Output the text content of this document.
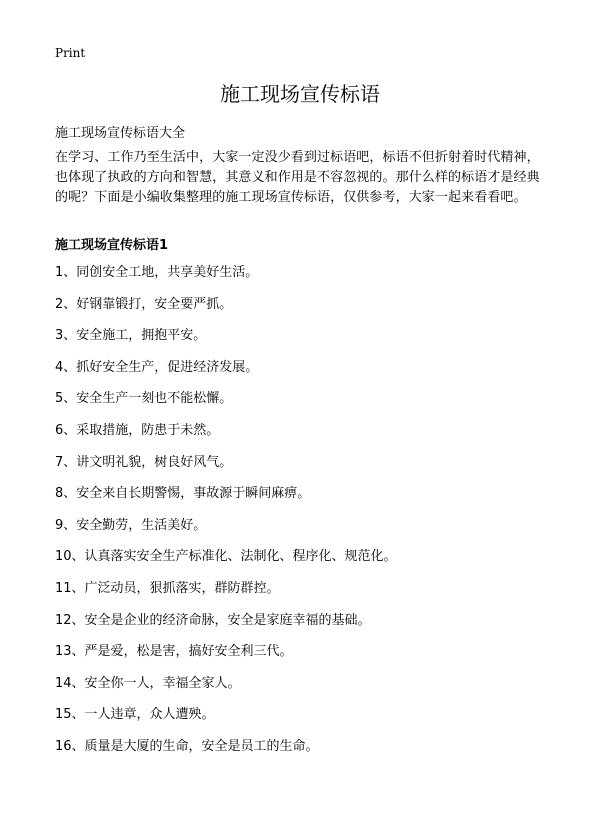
Print
施工现场宣传标语

施工现场宣传标语大全

在学习、工作乃至生活中，大家一定没少看到过标语吧，标语不但折射着时代精神，也体现了执政的方向和智慧，其意义和作用是不容忽视的。那什么样的标语才是经典的呢？下面是小编收集整理的施工现场宣传标语，仅供参考，大家一起来看看吧。

施工现场宣传标语1
1、同创安全工地，共享美好生活。
2、好钢靠锻打，安全要严抓。
3、安全施工，拥抱平安。
4、抓好安全生产，促进经济发展。
5、安全生产一刻也不能松懈。
6、采取措施，防患于未然。
7、讲文明礼貌，树良好风气。
8、安全来自长期警惕，事故源于瞬间麻痹。
9、安全勤劳，生活美好。
10、认真落实安全生产标准化、法制化、程序化、规范化。
11、广泛动员，狠抓落实，群防群控。
12、安全是企业的经济命脉，安全是家庭幸福的基础。
13、严是爱，松是害，搞好安全利三代。
14、安全你一人，幸福全家人。
15、一人违章，众人遭殃。
16、质量是大厦的生命，安全是员工的生命。
